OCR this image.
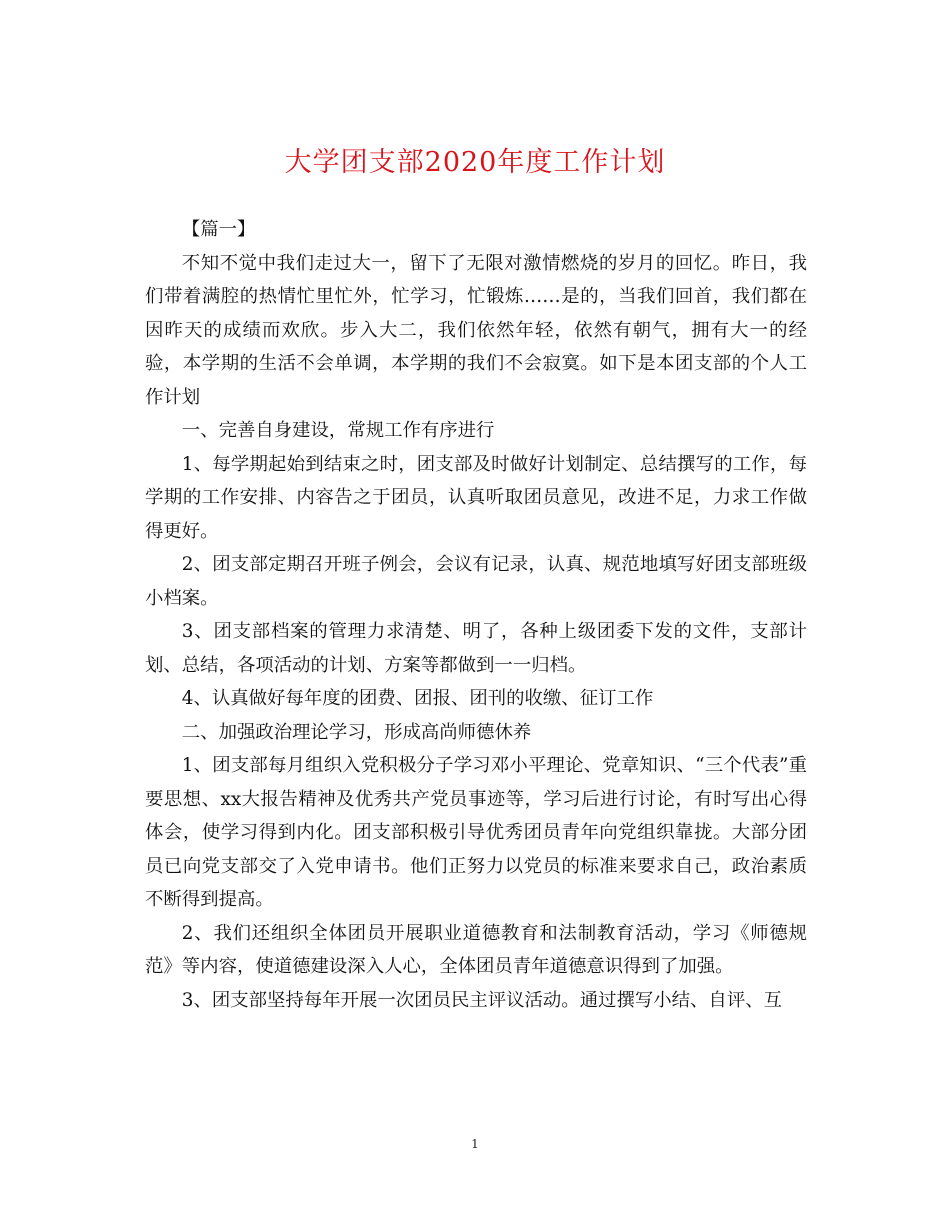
大学团支部2020年度工作计划

【篇一】

不知不觉中我们走过大一，留下了无限对激情燃烧的岁月的回忆。昨日，我们带着满腔的热情忙里忙外，忙学习，忙锻炼……是的，当我们回首，我们都在因昨天的成绩而欢欣。步入大二，我们依然年轻，依然有朝气，拥有大一的经验，本学期的生活不会单调，本学期的我们不会寂寞。如下是本团支部的个人工作计划

一、完善自身建设，常规工作有序进行

1、每学期起始到结束之时，团支部及时做好计划制定、总结撰写的工作，每学期的工作安排、内容告之于团员，认真听取团员意见，改进不足，力求工作做得更好。

2、团支部定期召开班子例会，会议有记录，认真、规范地填写好团支部班级小档案。

3、团支部档案的管理力求清楚、明了，各种上级团委下发的文件，支部计划、总结，各项活动的计划、方案等都做到一一归档。

4、认真做好每年度的团费、团报、团刊的收缴、征订工作

二、加强政治理论学习，形成高尚师德休养

1、团支部每月组织入党积极分子学习邓小平理论、党章知识、“三个代表”重要思想、xx大报告精神及优秀共产党员事迹等，学习后进行讨论，有时写出心得体会，使学习得到内化。团支部积极引导优秀团员青年向党组织靠拢。大部分团员已向党支部交了入党申请书。他们正努力以党员的标准来要求自己，政治素质不断得到提高。

2、我们还组织全体团员开展职业道德教育和法制教育活动，学习《师德规范》等内容，使道德建设深入人心，全体团员青年道德意识得到了加强。

3、团支部坚持每年开展一次团员民主评议活动。通过撰写小结、自评、互

1
